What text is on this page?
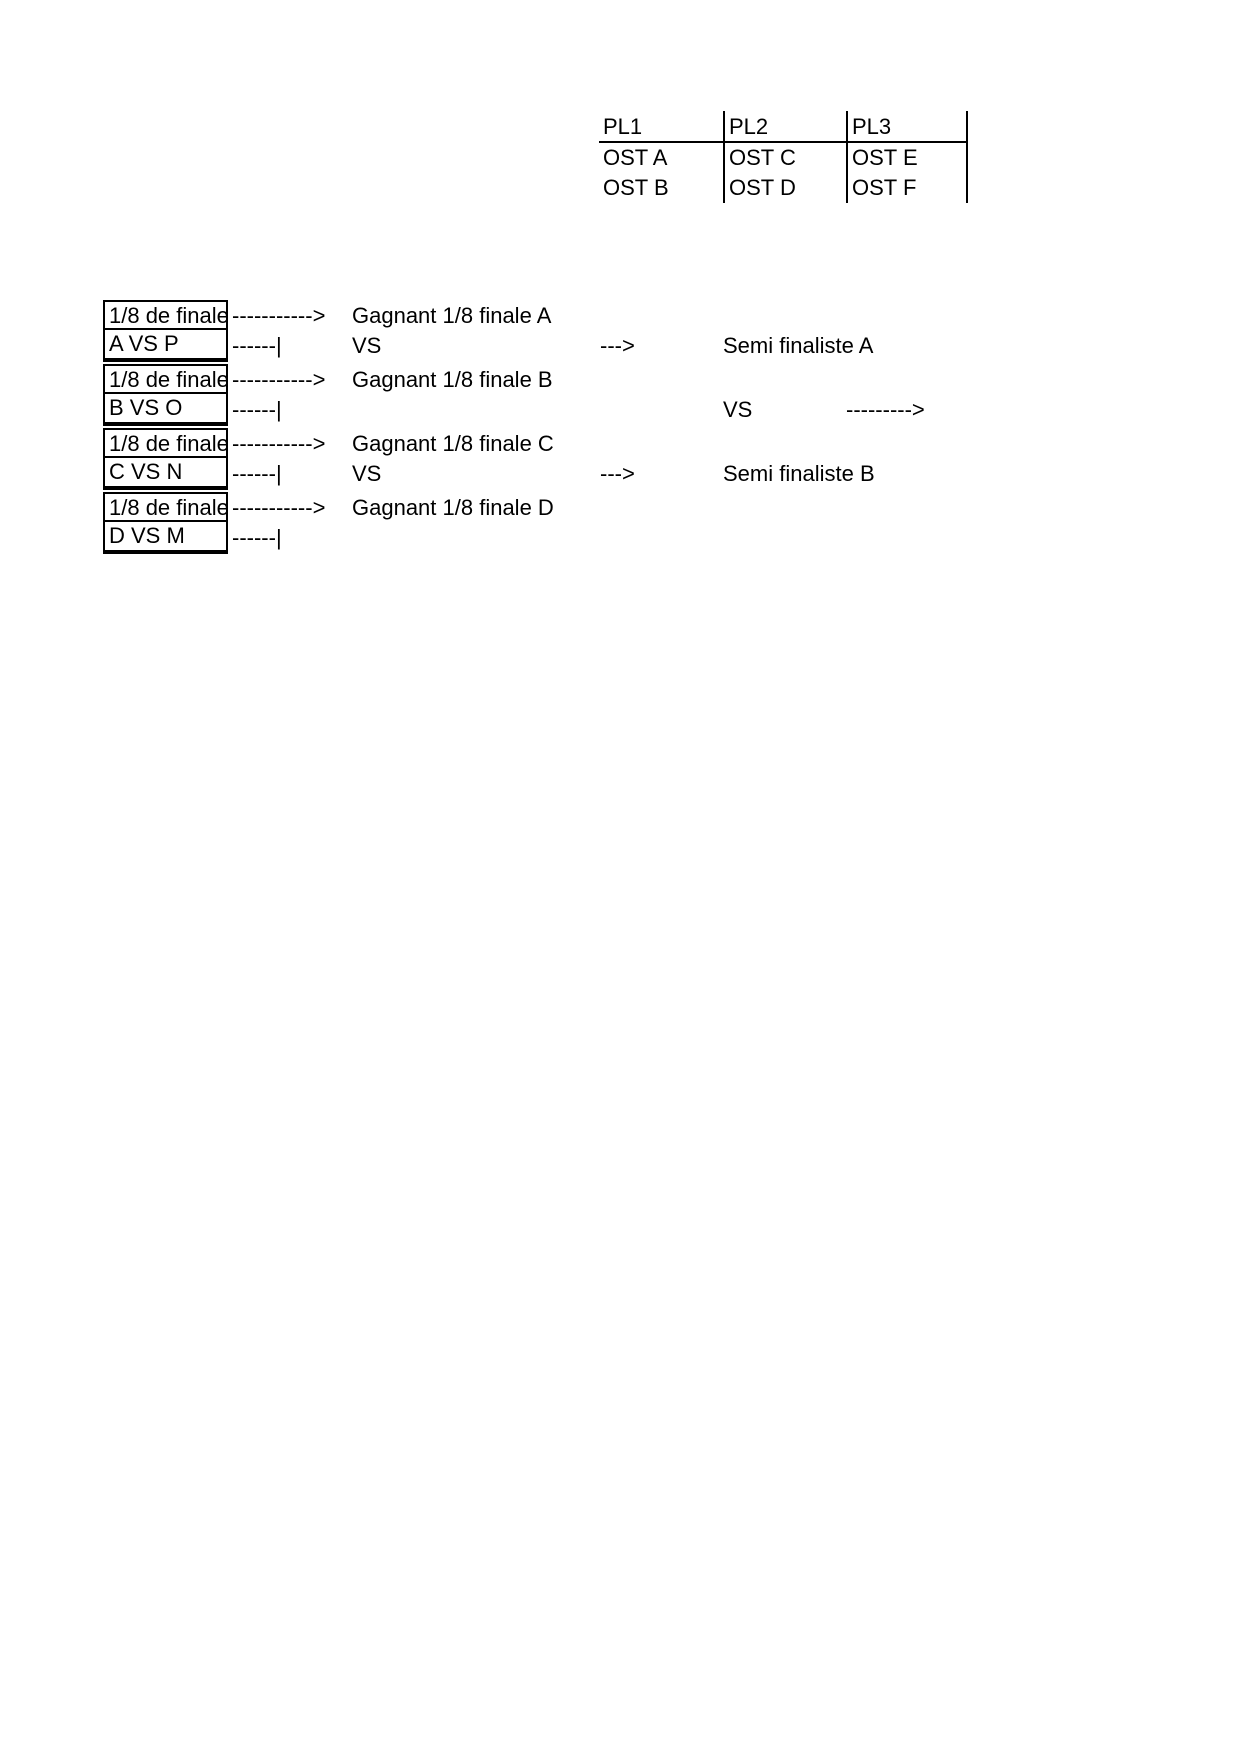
PL1	PL2	PL3
OST A	OST C	OST E
OST B	OST D	OST F
1/8 de finale
A VS P
----------->
------|
1/8 de finale
B VS O
----------->
------|
1/8 de finale
C VS N
----------->
------|
1/8 de finale
D VS M
----------->
------|
Gagnant 1/8 finale A
VS
Gagnant 1/8 finale B
Gagnant 1/8 finale C
VS
Gagnant 1/8 finale D
--->	Semi finaliste A
--->	Semi finaliste B
VS	--------->
